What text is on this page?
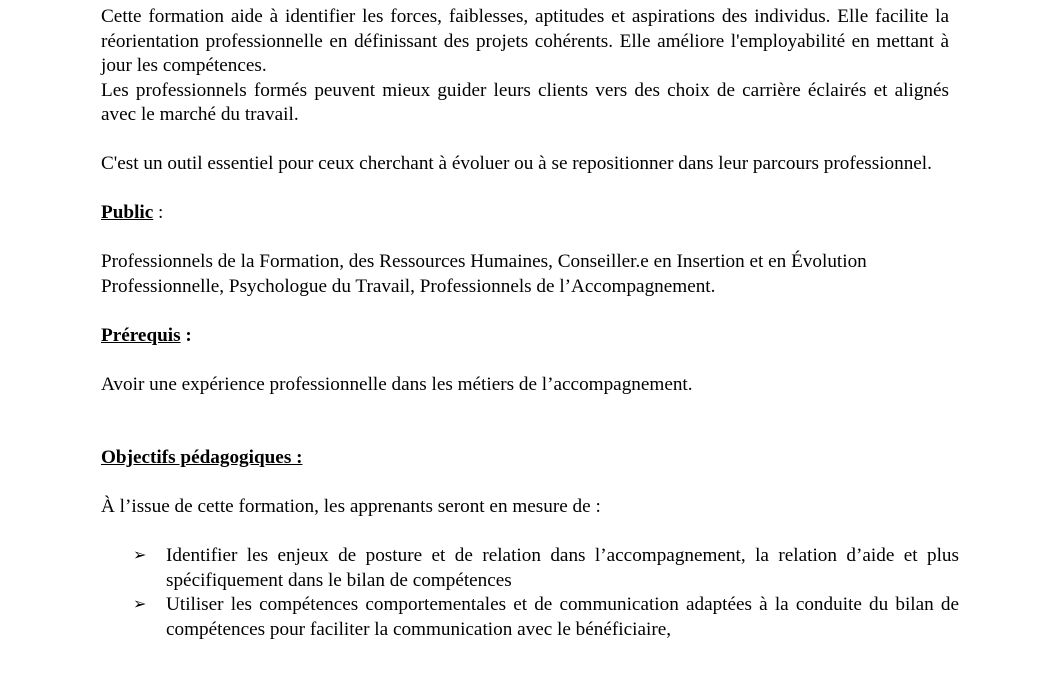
Cette formation aide à identifier les forces, faiblesses, aptitudes et aspirations des individus. Elle facilite la réorientation professionnelle en définissant des projets cohérents. Elle améliore l'employabilité en mettant à jour les compétences.

Les professionnels formés peuvent mieux guider leurs clients vers des choix de carrière éclairés et alignés avec le marché du travail.

C'est un outil essentiel pour ceux cherchant à évoluer ou à se repositionner dans leur parcours professionnel.

Public :

Professionnels de la Formation, des Ressources Humaines, Conseiller.e en Insertion et en Évolution Professionnelle, Psychologue du Travail, Professionnels de l’Accompagnement.

Prérequis :

Avoir une expérience professionnelle dans les métiers de l’accompagnement.

Objectifs pédagogiques :

À l’issue de cette formation, les apprenants seront en mesure de :

➢ Identifier les enjeux de posture et de relation dans l’accompagnement, la relation d’aide et plus spécifiquement dans le bilan de compétences
➢ Utiliser les compétences comportementales et de communication adaptées à la conduite du bilan de compétences pour faciliter la communication avec le bénéficiaire,
